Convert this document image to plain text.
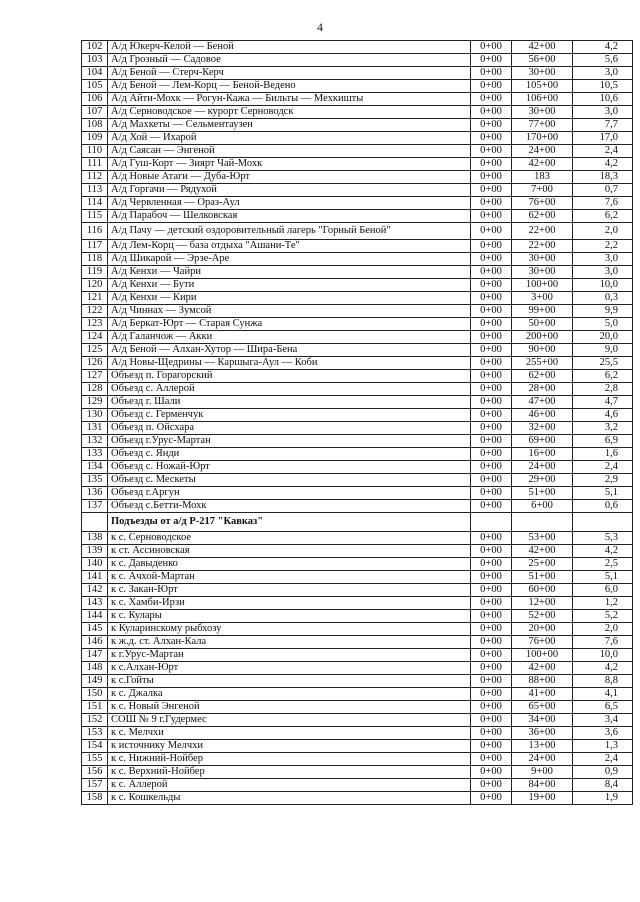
4
102	А/д Юкерч-Келой — Беной	0+00	42+00	4,2
103	А/д Грозный — Садовое	0+00	56+00	5,6
104	А/д Беной — Стерч-Керч	0+00	30+00	3,0
105	А/д Беной — Лем-Корц — Беной-Ведено	0+00	105+00	10,5
106	А/д Айти-Мохк — Рогун-Кажа — Бильты — Мехкишты	0+00	106+00	10,6
107	А/д Серноводское — курорт Серноводск	0+00	30+00	3,0
108	А/д Махкеты — Сельментаузен	0+00	77+00	7,7
109	А/д Хой — Ихарой	0+00	170+00	17,0
110	А/д Саясан — Энгеной	0+00	24+00	2,4
111	А/д Гуш-Корт — Зиярт Чай-Мохк	0+00	42+00	4,2
112	А/д Новые Атаги — Дуба-Юрт	0+00	183	18,3
113	А/д Горгачи — Рядухой	0+00	7+00	0,7
114	А/д Червленная — Ораз-Аул	0+00	76+00	7,6
115	А/д Парабоч — Шелковская	0+00	62+00	6,2
116	А/д Пачу — детский оздоровительный лагерь "Горный Беной"	0+00	22+00	2,0
117	А/д Лем-Корц — база отдыха "Ашани-Те"	0+00	22+00	2,2
118	А/д Шикарой — Эрзе-Аре	0+00	30+00	3,0
119	А/д Кенхи — Чайри	0+00	30+00	3,0
120	А/д Кенхи — Бути	0+00	100+00	10,0
121	А/д Кенхи — Кири	0+00	3+00	0,3
122	А/д Чиннах — Зумсой	0+00	99+00	9,9
123	А/д Беркат-Юрт — Старая Сунжа	0+00	50+00	5,0
124	А/д Галанчож — Акки	0+00	200+00	20,0
125	А/д Беной — Алхан-Хутор — Шира-Бена	0+00	90+00	9,0
126	А/д Новы-Щедрины — Каршыга-Аул — Коби	0+00	255+00	25,5
127	Объезд п. Горагорский	0+00	62+00	6,2
128	Объезд с. Аллерой	0+00	28+00	2,8
129	Объезд г. Шали	0+00	47+00	4,7
130	Объезд с. Герменчук	0+00	46+00	4,6
131	Объезд п. Ойсхара	0+00	32+00	3,2
132	Объезд г.Урус-Мартан	0+00	69+00	6,9
133	Объезд с. Янди	0+00	16+00	1,6
134	Объезд с. Ножай-Юрт	0+00	24+00	2,4
135	Объезд с. Мескеты	0+00	29+00	2,9
136	Объезд г.Аргун	0+00	51+00	5,1
137	Объезд с.Бетти-Мохк	0+00	6+00	0,6
	Подъезды от а/д Р-217 "Кавказ"			
138	к с. Серноводское	0+00	53+00	5,3
139	к ст. Ассиновская	0+00	42+00	4,2
140	к с. Давыденко	0+00	25+00	2,5
141	к с. Ачхой-Мартан	0+00	51+00	5,1
142	к с. Закан-Юрт	0+00	60+00	6,0
143	к с. Хамби-Ирзи	0+00	12+00	1,2
144	к с. Кулары	0+00	52+00	5,2
145	к Куларинскому рыбхозу	0+00	20+00	2,0
146	к ж.д. ст. Алхан-Кала	0+00	76+00	7,6
147	к г.Урус-Мартан	0+00	100+00	10,0
148	к с.Алхан-Юрт	0+00	42+00	4,2
149	к с.Гойты	0+00	88+00	8,8
150	к с. Джалка	0+00	41+00	4,1
151	к с. Новый Энгеной	0+00	65+00	6,5
152	СОШ № 9 г.Гудермес	0+00	34+00	3,4
153	к с. Мелчхи	0+00	36+00	3,6
154	к источнику Мелчхи	0+00	13+00	1,3
155	к с. Нижний-Нойбер	0+00	24+00	2,4
156	к с. Верхний-Нойбер	0+00	9+00	0,9
157	к с. Аллерой	0+00	84+00	8,4
158	к с. Кошкельды	0+00	19+00	1,9
